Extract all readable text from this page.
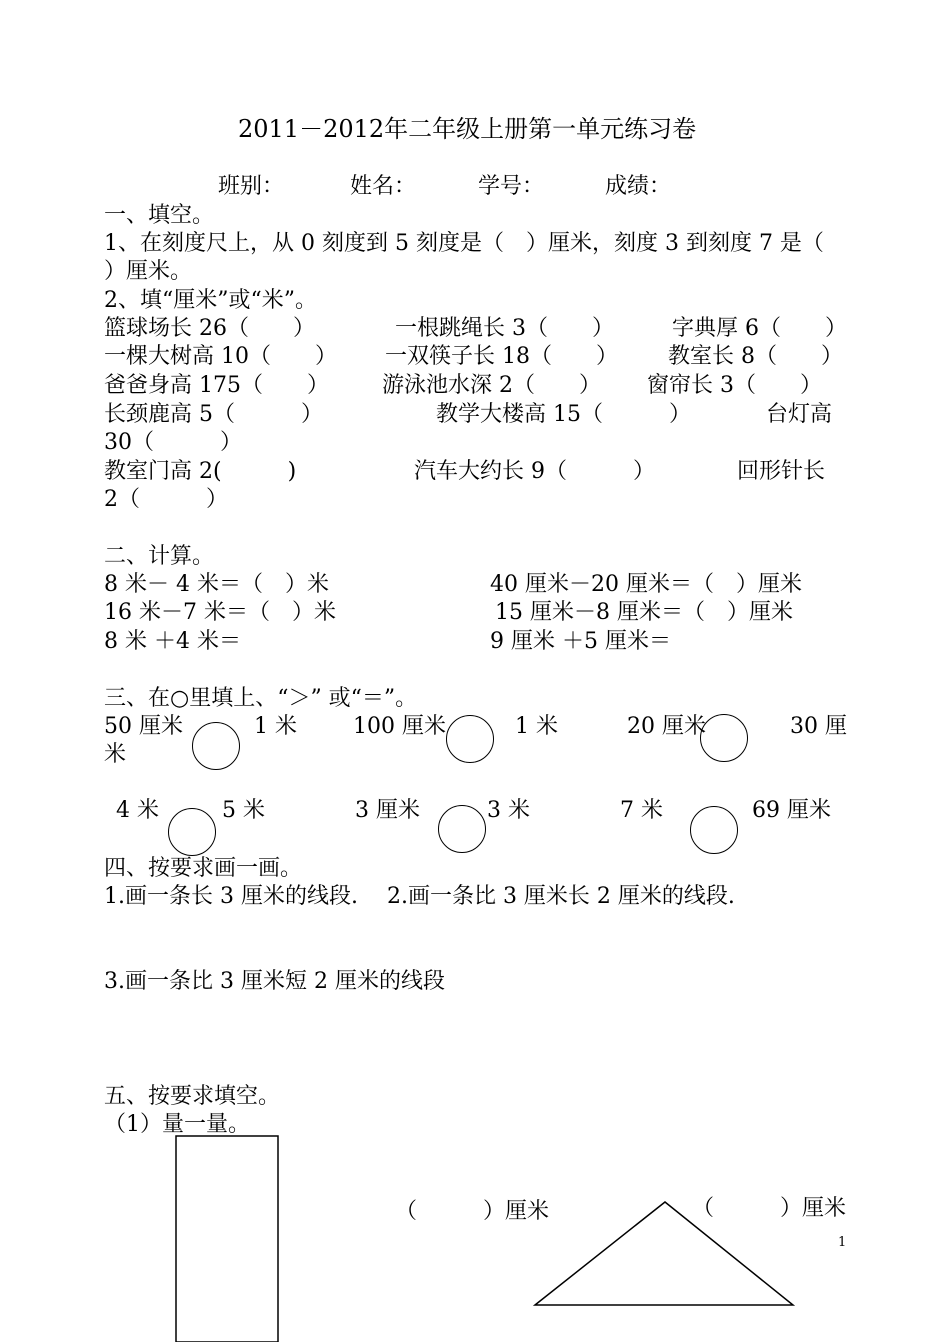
2011－2012年二年级上册第一单元练习卷
班别：	姓名：	学号：	成绩：
一、填空。
1、在刻度尺上，从 0 刻度到 5 刻度是（　）厘米，刻度 3 到刻度 7 是（
）厘米。
2、填“厘米”或“米”。
篮球场长 26（　　）	一根跳绳长 3（　　）	字典厚 6（　　）
一棵大树高 10（　　） 一双筷子长 18（　　） 教室长 8（　　）
爸爸身高 175（　　） 游泳池水深 2（　　） 窗帘长 3（　　）
长颈鹿高 5（　　　）	教学大楼高 15（　　　）	台灯高
30（　　　）
教室门高 2(　　　)	汽车大约长 9（　　　）	回形针长
2（　　　）
二、计算。
8 米－ 4 米＝（　）米	40 厘米－20 厘米＝（　）厘米
16 米－7 米＝（　）米	15 厘米－8 厘米＝（　）厘米
8 米 ＋4 米＝	9 厘米 ＋5 厘米＝
三、在○里填上、“＞” 或“＝”。
50 厘米	1 米	100 厘米	1 米	20 厘米	30 厘
米
4 米	5 米	3 厘米	3 米	7 米	69 厘米
四、按要求画一画。
1.画一条长 3 厘米的线段.　 2.画一条比 3 厘米长 2 厘米的线段.
3.画一条比 3 厘米短 2 厘米的线段
五、按要求填空。
（1）量一量。
（　　　）厘米	（　　　）厘米
1
